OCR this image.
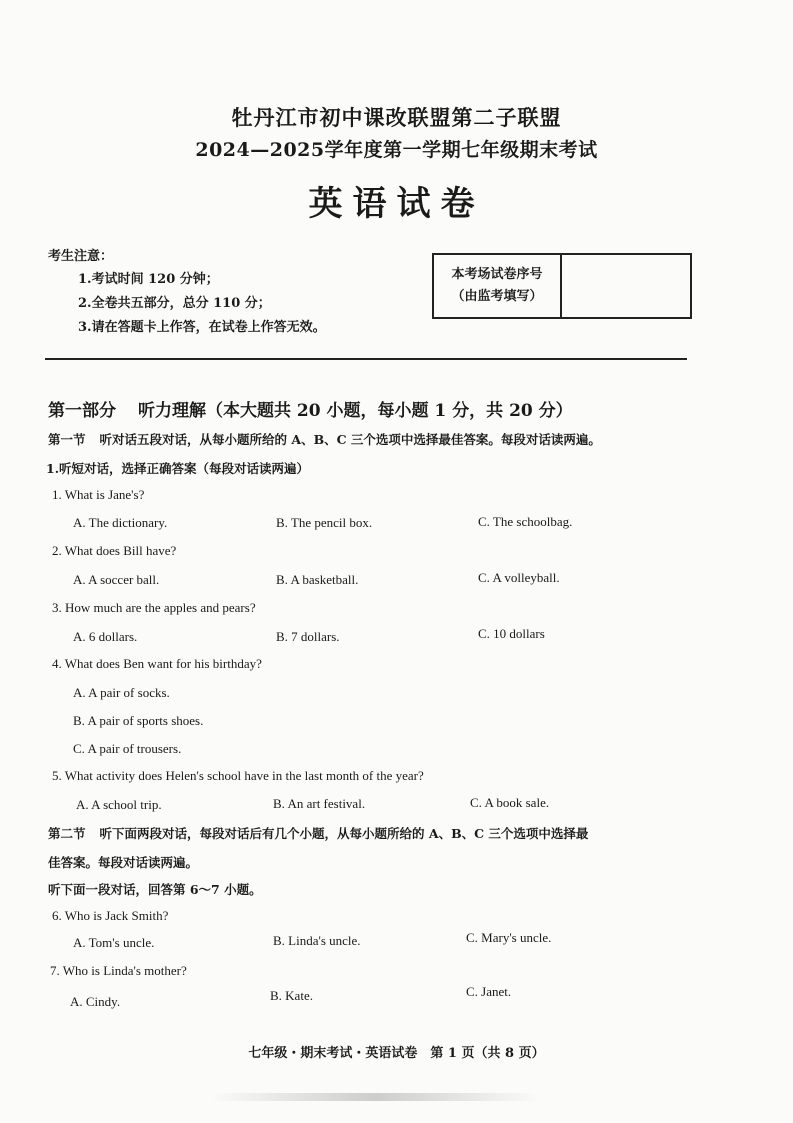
牡丹江市初中课改联盟第二子联盟
2024—2025学年度第一学期七年级期末考试
英语试卷
考生注意：
1.考试时间 120 分钟；
2.全卷共五部分，总分 110 分；
3.请在答题卡上作答，在试卷上作答无效。
本考场试卷序号
（由监考填写）
第一部分 听力理解（本大题共 20 小题，每小题 1 分，共 20 分）
第一节 听对话五段对话，从每小题所给的 A、B、C 三个选项中选择最佳答案。每段对话读两遍。
1.听短对话，选择正确答案（每段对话读两遍）
1. What is Jane's?
A. The dictionary.	B. The pencil box.	C. The schoolbag.
2. What does Bill have?
A. A soccer ball.	B. A basketball.	C. A volleyball.
3. How much are the apples and pears?
A. 6 dollars.	B. 7 dollars.	C. 10 dollars
4. What does Ben want for his birthday?
A. A pair of socks.
B. A pair of sports shoes.
C. A pair of trousers.
5. What activity does Helen's school have in the last month of the year?
A. A school trip.	B. An art festival.	C. A book sale.
第二节 听下面两段对话，每段对话后有几个小题，从每小题所给的 A、B、C 三个选项中选择最
佳答案。每段对话读两遍。
听下面一段对话，回答第 6～7 小题。
6. Who is Jack Smith?
A. Tom's uncle.	B. Linda's uncle.	C. Mary's uncle.
7. Who is Linda's mother?
A. Cindy.	B. Kate.	C. Janet.
七年级・期末考试・英语试卷　第 1 页（共 8 页）
